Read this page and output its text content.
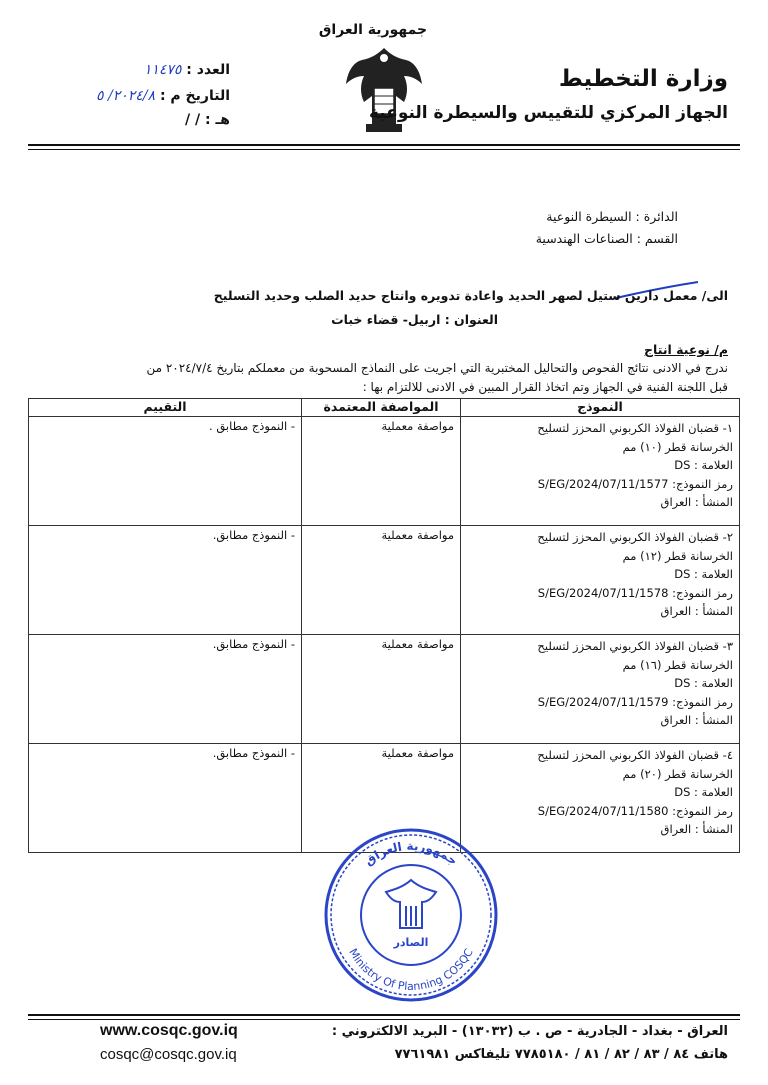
جمهورية العراق
وزارة التخطيط
الجهاز المركزي للتقييس والسيطرة النوعية
العدد : ١١٤٧٥
التاريخ م : ٢٠٢٤/٨/ ٥
هـ : / /
الدائرة : السيطرة النوعية
القسم : الصناعات الهندسية
الى/ معمل دارين ستيل لصهر الحديد واعادة تدويره وانتاج حديد الصلب وحديد التسليح
العنوان : اربيل- قضاء خبات
م/ نوعية انتاج
ندرج في الادنى نتائج الفحوص والتحاليل المختبرية التي اجريت على النماذج المسحوبة من معملكم بتاريخ ٢٠٢٤/٧/٤ من
قبل اللجنة الفنية في الجهاز وتم اتخاذ القرار المبين في الادنى للالتزام بها :
النموذج	المواصفة المعتمدة	التقييم

١- قضبان الفولاذ الكربوني المحزز لتسليح
الخرسانة قطر (١٠) مم
العلامة : DS
رمز النموذج: S/EG/2024/07/11/1577
المنشأ : العراق	مواصفة معملية	- النموذج مطابق .

٢- قضبان الفولاذ الكربوني المحزز لتسليح
الخرسانة قطر (١٢) مم
العلامة : DS
رمز النموذج: S/EG/2024/07/11/1578
المنشأ : العراق	مواصفة معملية	- النموذج مطابق.

٣- قضبان الفولاذ الكربوني المحزز لتسليح
الخرسانة قطر (١٦) مم
العلامة : DS
رمز النموذج: S/EG/2024/07/11/1579
المنشأ : العراق	مواصفة معملية	- النموذج مطابق.

٤- قضبان الفولاذ الكربوني المحزز لتسليح
الخرسانة قطر (٢٠) مم
العلامة : DS
رمز النموذج: S/EG/2024/07/11/1580
المنشأ : العراق	مواصفة معملية	- النموذج مطابق.
جمهورية العراق
Ministry Of Planning COSQC
الصادر
www.cosqc.gov.iq
cosqc@cosqc.gov.iq
العراق - بغداد - الجادرية - ص . ب (١٣٠٣٢) - البريد الالكتروني :
هاتف ٨٤ / ٨٣ / ٨٢ / ٨١ / ٧٧٨٥١٨٠ تليفاكس ٧٧٦١٩٨١
